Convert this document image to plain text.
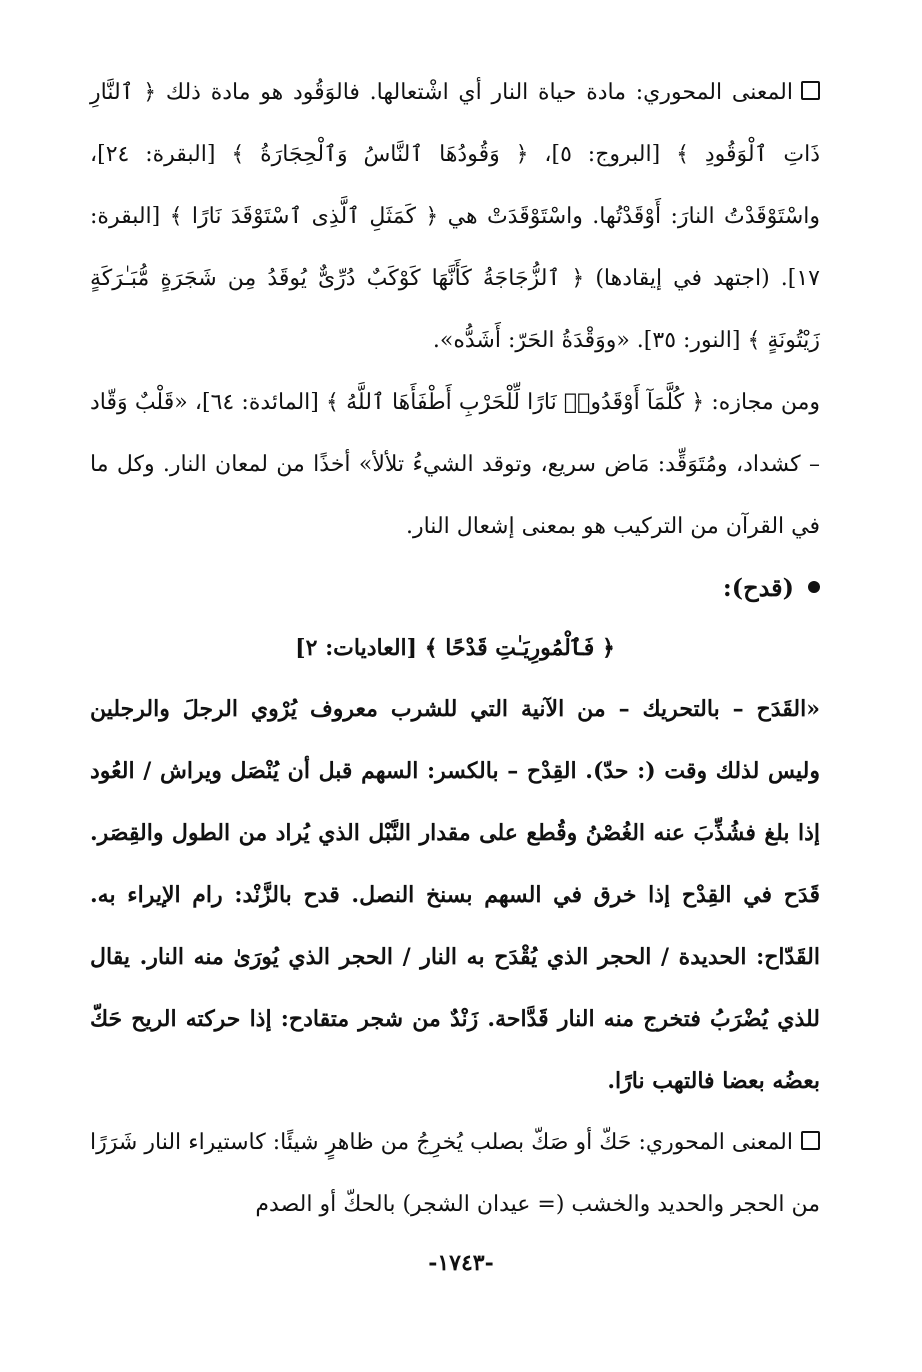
المعنى المحوري: مادة حياة النار أي اشْتعالها. فالوَقُود هو مادة ذلك ﴿ ٱلنَّارِ ذَاتِ ٱلْوَقُودِ ﴾ [البروج: ٥]، ﴿ وَقُودُهَا ٱلنَّاسُ وَٱلْحِجَارَةُ ﴾ [البقرة: ٢٤]، واسْتَوْقَدْتُ النارَ: أَوْقَدْتُها. واسْتَوْقَدَتْ هي ﴿ كَمَثَلِ ٱلَّذِى ٱسْتَوْقَدَ نَارًا ﴾ [البقرة: ١٧]. (اجتهد في إيقادها) ﴿ ٱلزُّجَاجَةُ كَأَنَّهَا كَوْكَبٌ دُرِّىٌّ يُوقَدُ مِن شَجَرَةٍ مُّبَـٰرَكَةٍ زَيْتُونَةٍ ﴾ [النور: ٣٥]. «ووَقْدَةُ الحَرّ: أَشَدُّه».

ومن مجازه: ﴿ كُلَّمَآ أَوْقَدُوا۟ نَارًا لِّلْحَرْبِ أَطْفَأَهَا ٱللَّهُ ﴾ [المائدة: ٦٤]، «قَلْبٌ وَقّاد – كشداد، ومُتَوَقِّد: مَاض سريع، وتوقد الشيءُ تلألأ» أخذًا من لمعان النار. وكل ما في القرآن من التركيب هو بمعنى إشعال النار.

(قدح):

﴿ فَٱلْمُورِيَـٰتِ قَدْحًا ﴾ [العاديات: ٢]

«القَدَح – بالتحريك – من الآنية التي للشرب معروف يُرْوي الرجلَ والرجلين وليس لذلك وقت (: حدّ). القِدْح – بالكسر: السهم قبل أن يُنْصَل ويراش / العُود إذا بلغ فشُذِّبَ عنه الغُصْنُ وقُطع على مقدار النَّبْل الذي يُراد من الطول والقِصَر. قَدَح في القِدْح إذا خرق في السهم بسنخ النصل. قدح بالزَّنْد: رام الإيراء به. القَدّاح: الحديدة / الحجر الذي يُقْدَح به النار / الحجر الذي يُورَىٰ منه النار. يقال للذي يُضْرَبُ فتخرج منه النار قَدَّاحة. زَنْدٌ من شجر متقادح: إذا حركته الريح حَكّ بعضُه بعضا فالتهب نارًا.

المعنى المحوري: حَكّ أو صَكّ بصلب يُخرِجُ من ظاهرٍ شيئًا: كاستيراء النار شَرَرًا من الحجر والحديد والخشب (= عيدان الشجر) بالحكّ أو الصدم

-١٧٤٣-
